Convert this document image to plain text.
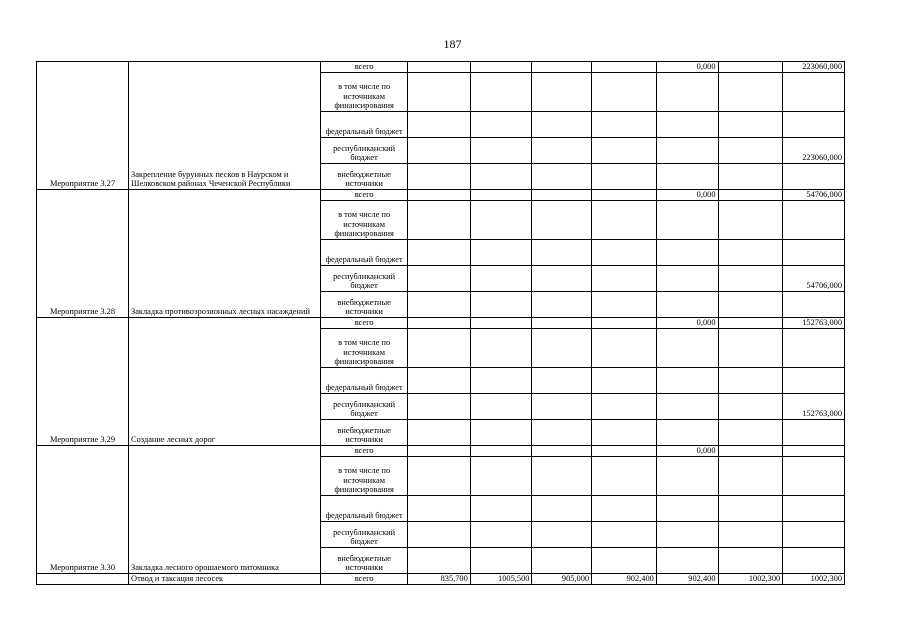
187
Мероприятие 3.27	Закрепление бурунных песков в Наурском и Шелковском районах Чеченской Республики	всего					0,000		223060,000
		в том числе по источникам финансирования							
		федеральный бюджет							
		республиканский бюджет							223060,000
		внебюджетные источники							
Мероприятие 3.28	Закладка противоэрозионных лесных насаждений	всего					0,000		54706,000
		в том числе по источникам финансирования							
		федеральный бюджет							
		республиканский бюджет							54706,000
		внебюджетные источники							
Мероприятие 3.29	Создание лесных дорог	всего					0,000		152763,000
		в том числе по источникам финансирования							
		федеральный бюджет							
		республиканский бюджет							152763,000
		внебюджетные источники							
Мероприятие 3.30	Закладка лесного орошаемого питомника	всего					0,000		
		в том числе по источникам финансирования							
		федеральный бюджет							
		республиканский бюджет							
		внебюджетные источники							
	Отвод и таксация лесосек	всего	835,700	1005,500	905,000	902,400	902,400	1002,300	1002,300
